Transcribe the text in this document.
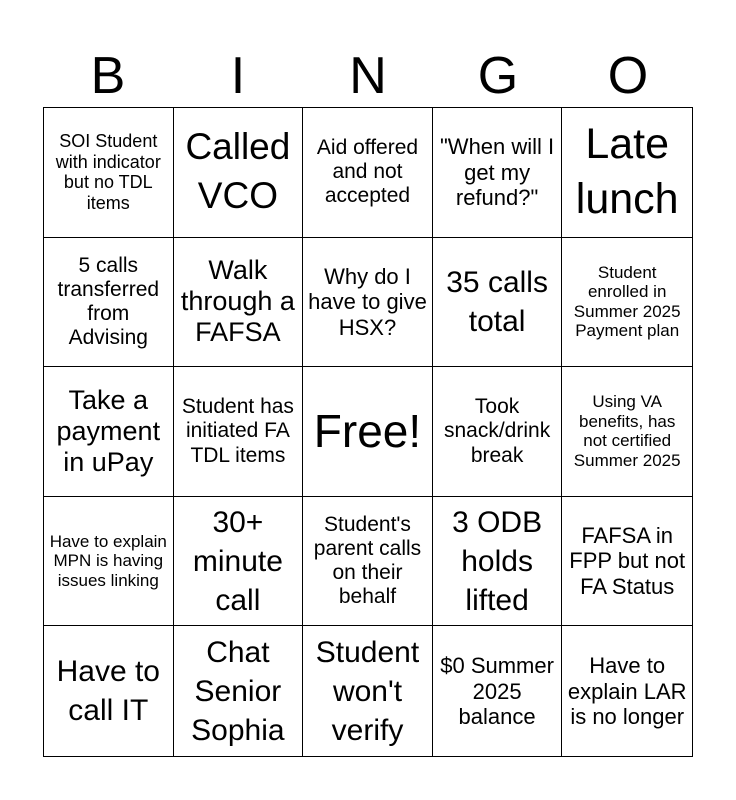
B	I	N	G	O
SOI Student with indicator but no TDL items
Called VCO
Aid offered and not accepted
"When will I get my refund?"
Late lunch
5 calls transferred from Advising
Walk through a FAFSA
Why do I have to give HSX?
35 calls total
Student enrolled in Summer 2025 Payment plan
Take a payment in uPay
Student has initiated FA TDL items Free!	Took snack/drink break
Using VA benefits, has not certified Summer 2025
Have to explain MPN is having issues linking
30+ minute call
Student's parent calls on their behalf
3 ODB holds lifted
FAFSA in FPP but not FA Status
Have to call IT
Chat Senior Sophia
Student won't verify
$0 Summer 2025 balance
Have to explain LAR is no longer
